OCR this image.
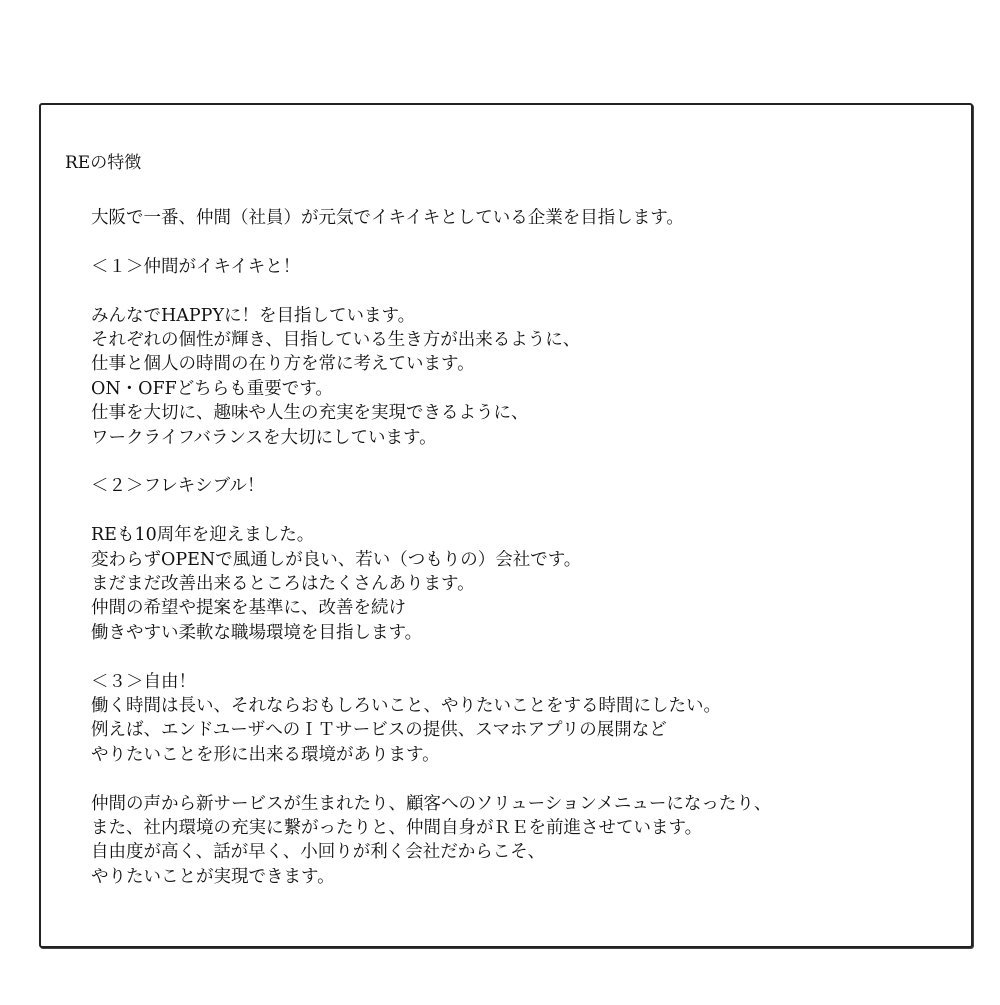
REの特徴
大阪で一番、仲間（社員）が元気でイキイキとしている企業を目指します。
＜１＞仲間がイキイキと！
みんなでHAPPYに！を目指しています。
それぞれの個性が輝き、目指している生き方が出来るように、
仕事と個人の時間の在り方を常に考えています。
ON・OFFどちらも重要です。
仕事を大切に、趣味や人生の充実を実現できるように、
ワークライフバランスを大切にしています。
＜２＞フレキシブル！
REも10周年を迎えました。
変わらずOPENで風通しが良い、若い（つもりの）会社です。
まだまだ改善出来るところはたくさんあります。
仲間の希望や提案を基準に、改善を続け
働きやすい柔軟な職場環境を目指します。
＜３＞自由！
働く時間は長い、それならおもしろいこと、やりたいことをする時間にしたい。
例えば、エンドユーザへのＩＴサービスの提供、スマホアプリの展開など
やりたいことを形に出来る環境があります。
仲間の声から新サービスが生まれたり、顧客へのソリューションメニューになったり、
また、社内環境の充実に繋がったりと、仲間自身がＲＥを前進させています。
自由度が高く、話が早く、小回りが利く会社だからこそ、
やりたいことが実現できます。
